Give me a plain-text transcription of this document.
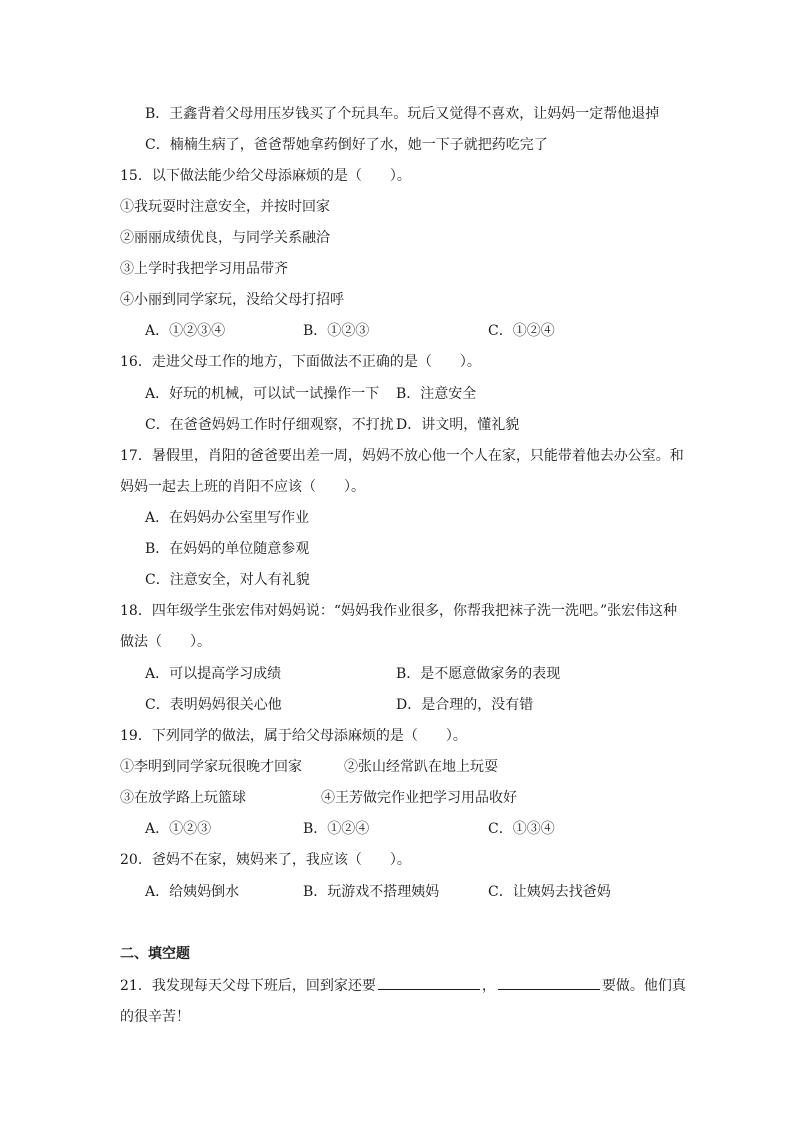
B．王鑫背着父母用压岁钱买了个玩具车。玩后又觉得不喜欢，让妈妈一定帮他退掉
C．楠楠生病了，爸爸帮她拿药倒好了水，她一下子就把药吃完了
15．以下做法能少给父母添麻烦的是（　　）。
①我玩耍时注意安全，并按时回家
②丽丽成绩优良，与同学关系融洽
③上学时我把学习用品带齐
④小丽到同学家玩，没给父母打招呼
A．①②③④	B．①②③	C．①②④
16．走进父母工作的地方，下面做法不正确的是（　　）。
A．好玩的机械，可以试一试操作一下 B．注意安全
C．在爸爸妈妈工作时仔细观察，不打扰 D．讲文明，懂礼貌
17．暑假里，肖阳的爸爸要出差一周，妈妈不放心他一个人在家，只能带着他去办公室。和
妈妈一起去上班的肖阳不应该（　　）。
A．在妈妈办公室里写作业
B．在妈妈的单位随意参观
C．注意安全，对人有礼貌
18．四年级学生张宏伟对妈妈说：“妈妈我作业很多，你帮我把袜子洗一洗吧。”张宏伟这种
做法（　　）。
A．可以提高学习成绩	B．是不愿意做家务的表现
C．表明妈妈很关心他	D．是合理的，没有错
19．下列同学的做法，属于给父母添麻烦的是（　　）。
①李明到同学家玩很晚才回家	②张山经常趴在地上玩耍
③在放学路上玩篮球	④王芳做完作业把学习用品收好
A．①②③	B．①②④	C．①③④
20．爸妈不在家，姨妈来了，我应该（　　）。
A．给姨妈倒水	B．玩游戏不搭理姨妈	C．让姨妈去找爸妈
二、填空题
21．我发现每天父母下班后，回到家还要	，	要做。他们真
的很辛苦！
